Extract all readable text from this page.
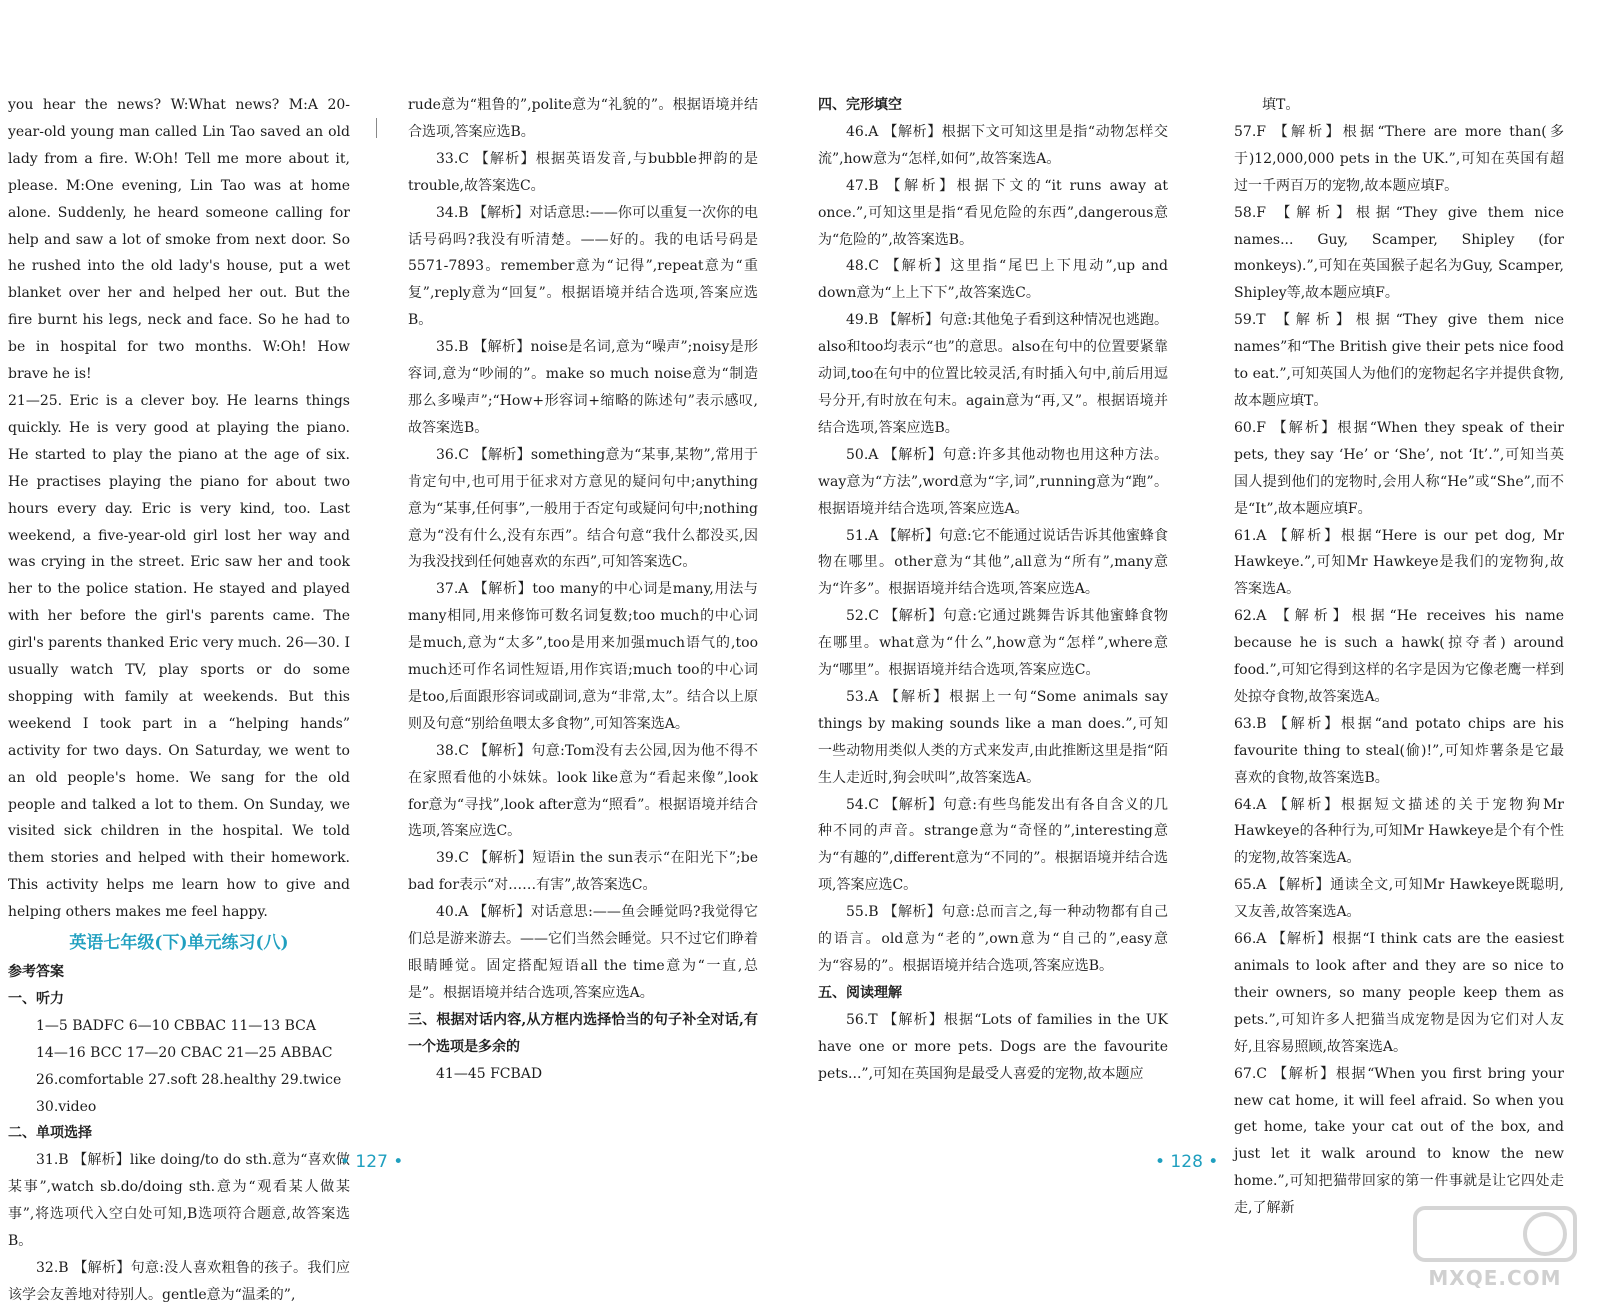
you hear the news? W:What news? M:A 20-year-old young man called Lin Tao saved an old lady from a fire. W:Oh! Tell me more about it, please. M:One evening, Lin Tao was at home alone. Suddenly, he heard someone calling for help and saw a lot of smoke from next door. So he rushed into the old lady's house, put a wet blanket over her and helped her out. But the fire burnt his legs, neck and face. So he had to be in hospital for two months. W:Oh! How brave he is!

21—25. Eric is a clever boy. He learns things quickly. He is very good at playing the piano. He started to play the piano at the age of six. He practises playing the piano for about two hours every day. Eric is very kind, too. Last weekend, a five-year-old girl lost her way and was crying in the street. Eric saw her and took her to the police station. He stayed and played with her before the girl's parents came. The girl's parents thanked Eric very much. 26—30. I usually watch TV, play sports or do some shopping with family at weekends. But this weekend I took part in a “helping hands” activity for two days. On Saturday, we went to an old people's home. We sang for the old people and talked a lot to them. On Sunday, we visited sick children in the hospital. We told them stories and helped with their homework. This activity helps me learn how to give and helping others makes me feel happy.

英语七年级(下)单元练习(八)

参考答案

一、听力

1—5 BADFC 6—10 CBBAC 11—13 BCA

14—16 BCC 17—20 CBAC 21—25 ABBAC

26.comfortable 27.soft 28.healthy 29.twice

30.video

二、单项选择

31.B 【解析】like doing/to do sth.意为“喜欢做某事”,watch sb.do/doing sth.意为“观看某人做某事”,将选项代入空白处可知,B选项符合题意,故答案选B。

32.B 【解析】句意:没人喜欢粗鲁的孩子。我们应该学会友善地对待别人。gentle意为“温柔的”,

rude意为“粗鲁的”,polite意为“礼貌的”。根据语境并结合选项,答案应选B。

33.C 【解析】根据英语发音,与bubble押韵的是trouble,故答案选C。

34.B 【解析】对话意思:——你可以重复一次你的电话号码吗?我没有听清楚。——好的。我的电话号码是5571-7893。remember意为“记得”,repeat意为“重复”,reply意为“回复”。根据语境并结合选项,答案应选B。

35.B 【解析】noise是名词,意为“噪声”;noisy是形容词,意为“吵闹的”。make so much noise意为“制造那么多噪声”;“How+形容词+缩略的陈述句”表示感叹,故答案选B。

36.C 【解析】something意为“某事,某物”,常用于肯定句中,也可用于征求对方意见的疑问句中;anything意为“某事,任何事”,一般用于否定句或疑问句中;nothing意为“没有什么,没有东西”。结合句意“我什么都没买,因为我没找到任何她喜欢的东西”,可知答案选C。

37.A 【解析】too many的中心词是many,用法与many相同,用来修饰可数名词复数;too much的中心词是much,意为“太多”,too是用来加强much语气的,too much还可作名词性短语,用作宾语;much too的中心词是too,后面跟形容词或副词,意为“非常,太”。结合以上原则及句意“别给鱼喂太多食物”,可知答案选A。

38.C 【解析】句意:Tom没有去公园,因为他不得不在家照看他的小妹妹。look like意为“看起来像”,look for意为“寻找”,look after意为“照看”。根据语境并结合选项,答案应选C。

39.C 【解析】短语in the sun表示“在阳光下”;be bad for表示“对……有害”,故答案选C。

40.A 【解析】对话意思:——鱼会睡觉吗?我觉得它们总是游来游去。——它们当然会睡觉。只不过它们睁着眼睛睡觉。固定搭配短语all the time意为“一直,总是”。根据语境并结合选项,答案应选A。

三、根据对话内容,从方框内选择恰当的句子补全对话,有一个选项是多余的

41—45 FCBAD

四、完形填空

46.A 【解析】根据下文可知这里是指“动物怎样交流”,how意为“怎样,如何”,故答案选A。

47.B 【解析】根据下文的“it runs away at once.”,可知这里是指“看见危险的东西”,dangerous意为“危险的”,故答案选B。

48.C 【解析】这里指“尾巴上下甩动”,up and down意为“上上下下”,故答案选C。

49.B 【解析】句意:其他兔子看到这种情况也逃跑。also和too均表示“也”的意思。also在句中的位置要紧靠动词,too在句中的位置比较灵活,有时插入句中,前后用逗号分开,有时放在句末。again意为“再,又”。根据语境并结合选项,答案应选B。

50.A 【解析】句意:许多其他动物也用这种方法。way意为“方法”,word意为“字,词”,running意为“跑”。根据语境并结合选项,答案应选A。

51.A 【解析】句意:它不能通过说话告诉其他蜜蜂食物在哪里。other意为“其他”,all意为“所有”,many意为“许多”。根据语境并结合选项,答案应选A。

52.C 【解析】句意:它通过跳舞告诉其他蜜蜂食物在哪里。what意为“什么”,how意为“怎样”,where意为“哪里”。根据语境并结合选项,答案应选C。

53.A 【解析】根据上一句“Some animals say things by making sounds like a man does.”,可知一些动物用类似人类的方式来发声,由此推断这里是指“陌生人走近时,狗会吠叫”,故答案选A。

54.C 【解析】句意:有些鸟能发出有各自含义的几种不同的声音。strange意为“奇怪的”,interesting意为“有趣的”,different意为“不同的”。根据语境并结合选项,答案应选C。

55.B 【解析】句意:总而言之,每一种动物都有自己的语言。old意为“老的”,own意为“自己的”,easy意为“容易的”。根据语境并结合选项,答案应选B。

五、阅读理解

56.T 【解析】根据“Lots of families in the UK have one or more pets. Dogs are the favourite pets...”,可知在英国狗是最受人喜爱的宠物,故本题应

填T。

57.F 【解析】根据“There are more than(多于)12,000,000 pets in the UK.”,可知在英国有超过一千两百万的宠物,故本题应填F。

58.F 【解析】根据“They give them nice names... Guy, Scamper, Shipley (for monkeys).”,可知在英国猴子起名为Guy, Scamper, Shipley等,故本题应填F。

59.T 【解析】根据“They give them nice names”和“The British give their pets nice food to eat.”,可知英国人为他们的宠物起名字并提供食物,故本题应填T。

60.F 【解析】根据“When they speak of their pets, they say ‘He’ or ‘She’, not ‘It’.”,可知当英国人提到他们的宠物时,会用人称“He”或“She”,而不是“It”,故本题应填F。

61.A 【解析】根据“Here is our pet dog, Mr Hawkeye.”,可知Mr Hawkeye是我们的宠物狗,故答案选A。

62.A 【解析】根据“He receives his name because he is such a hawk(掠夺者) around food.”,可知它得到这样的名字是因为它像老鹰一样到处掠夺食物,故答案选A。

63.B 【解析】根据“and potato chips are his favourite thing to steal(偷)!”,可知炸薯条是它最喜欢的食物,故答案选B。

64.A 【解析】根据短文描述的关于宠物狗Mr Hawkeye的各种行为,可知Mr Hawkeye是个有个性的宠物,故答案选A。

65.A 【解析】通读全文,可知Mr Hawkeye既聪明,又友善,故答案选A。

66.A 【解析】根据“I think cats are the easiest animals to look after and they are so nice to their owners, so many people keep them as pets.”,可知许多人把猫当成宠物是因为它们对人友好,且容易照顾,故答案选A。

67.C 【解析】根据“When you first bring your new cat home, it will feel afraid. So when you get home, take your cat out of the box, and just let it walk around to know the new home.”,可知把猫带回家的第一件事就是让它四处走走,了解新

• 127 •	• 128 •
MXQE.COM
